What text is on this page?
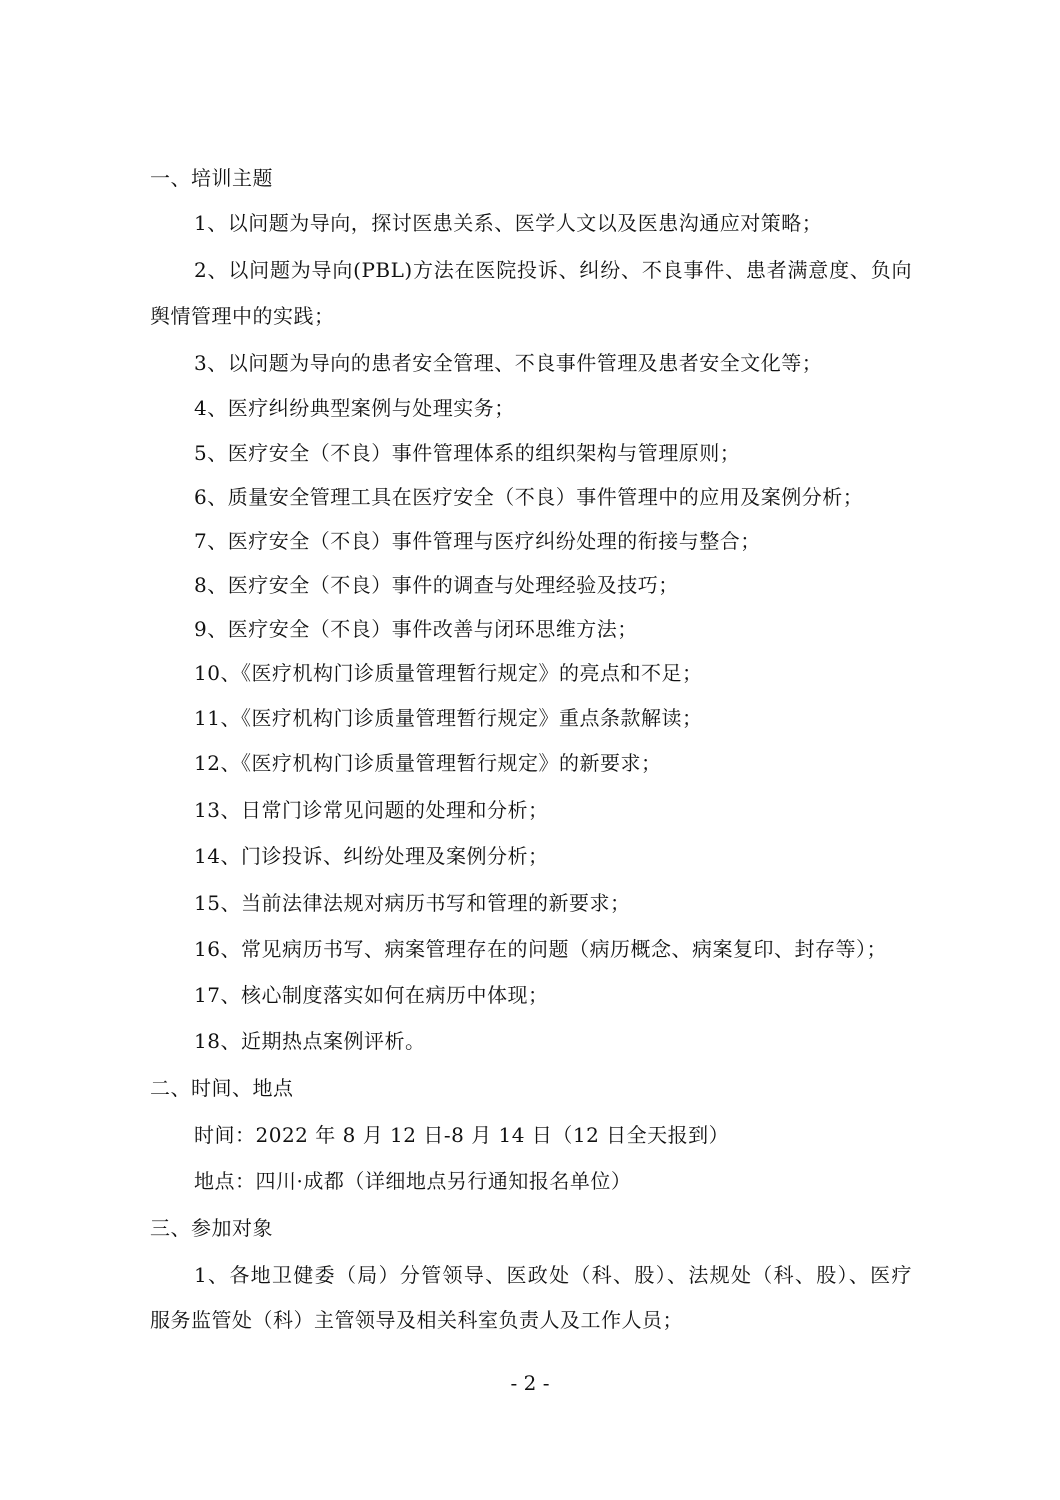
一、培训主题
1、以问题为导向，探讨医患关系、医学人文以及医患沟通应对策略；
2、以问题为导向(PBL)方法在医院投诉、纠纷、不良事件、患者满意度、负向
舆情管理中的实践；
3、以问题为导向的患者安全管理、不良事件管理及患者安全文化等；
4、医疗纠纷典型案例与处理实务；
5、医疗安全（不良）事件管理体系的组织架构与管理原则；
6、质量安全管理工具在医疗安全（不良）事件管理中的应用及案例分析；
7、医疗安全（不良）事件管理与医疗纠纷处理的衔接与整合；
8、医疗安全（不良）事件的调查与处理经验及技巧；
9、医疗安全（不良）事件改善与闭环思维方法；
10、《医疗机构门诊质量管理暂行规定》的亮点和不足；
11、《医疗机构门诊质量管理暂行规定》重点条款解读；
12、《医疗机构门诊质量管理暂行规定》的新要求；
13、日常门诊常见问题的处理和分析；
14、门诊投诉、纠纷处理及案例分析；
15、当前法律法规对病历书写和管理的新要求；
16、常见病历书写、病案管理存在的问题（病历概念、病案复印、封存等）；
17、核心制度落实如何在病历中体现；
18、近期热点案例评析。
二、时间、地点
时间：2022 年 8 月 12 日-8 月 14 日（12 日全天报到）
地点：四川·成都（详细地点另行通知报名单位）
三、参加对象
1、各地卫健委（局）分管领导、医政处（科、股）、法规处（科、股）、医疗
服务监管处（科）主管领导及相关科室负责人及工作人员；
- 2 -
